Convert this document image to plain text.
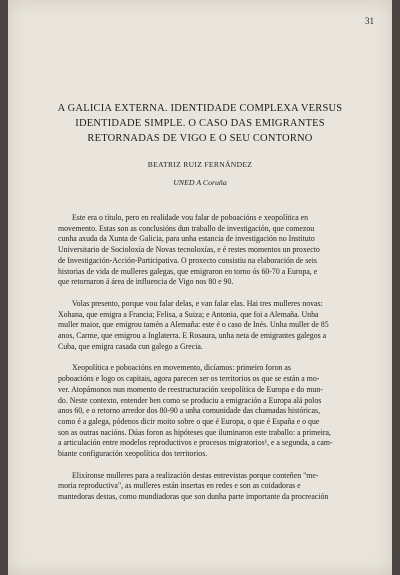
31
A GALICIA EXTERNA. IDENTIDADE COMPLEXA VERSUS
IDENTIDADE SIMPLE. O CASO DAS EMIGRANTES
RETORNADAS DE VIGO E O SEU CONTORNO
BEATRIZ RUIZ FERNÁNDEZ
UNED A Coruña

Este era o título, pero en realidade vou falar de poboacións e xeopolítica en
movemento. Estas son as conclusións dun traballo de investigación, que comezou
cunha axuda da Xunta de Galicia, para unha estancia de investigación no Instituto
Universitario de Socioloxía de Novas tecnoloxías, e é restes momentos un proxecto
de Investigación-Acción-Participativa. O proxecto consistiu na elaboración de seis
historias de vida de mulleres galegas, que emigraron en torno ós 60-70 a Europa, e
que retornaron á área de influencia de Vigo nos 80 e 90.

Volas presento, porque vou falar delas, e van falar elas. Hai tres mulleres novas:
Xohana, que emigra a Francia; Felisa, a Suiza; e Antonia, que foi a Alemaña. Unha
muller maior, que emigrou tamén a Alemaña: este é o caso de Inés. Unha muller de 85
anos, Carme, que emigrou a Inglaterra. E Rosaura, unha neta de emigrantes galegos a
Cuba, que emigra casada cun galego a Grecia.

Xeopolítica e poboacións en movemento, dicíamos: primeiro foron as
poboacións e logo os capitais, agora parecen ser os territorios os que se están a mo-
ver. Atopámonos nun momento de reestructuración xeopolítica de Europa e do mun-
do. Neste contexto, entender ben como se produciu a emigración a Europa alá polos
anos 60, e o retorno arredor dos 80-90 a unha comunidade das chamadas históricas,
como é a galega, pódenos dicir moito sobre o que é Europa, o que é España e o que
son as outras nacións. Dúas foron as hipóteses que iluminaron este traballo: a primeira,
a articulación entre modelos reproductivos e procesos migratorios¹, e a segunda, a cam-
biante configuración xeopolítica dos territorios.

Elixíronse mulleres para a realización destas entrevistas porque conteñen "me-
moria reproductiva", as mulleres están insertas en redes e son as coidadoras e
mantedoras destas, como mundiadoras que son dunha parte importante da procreación
